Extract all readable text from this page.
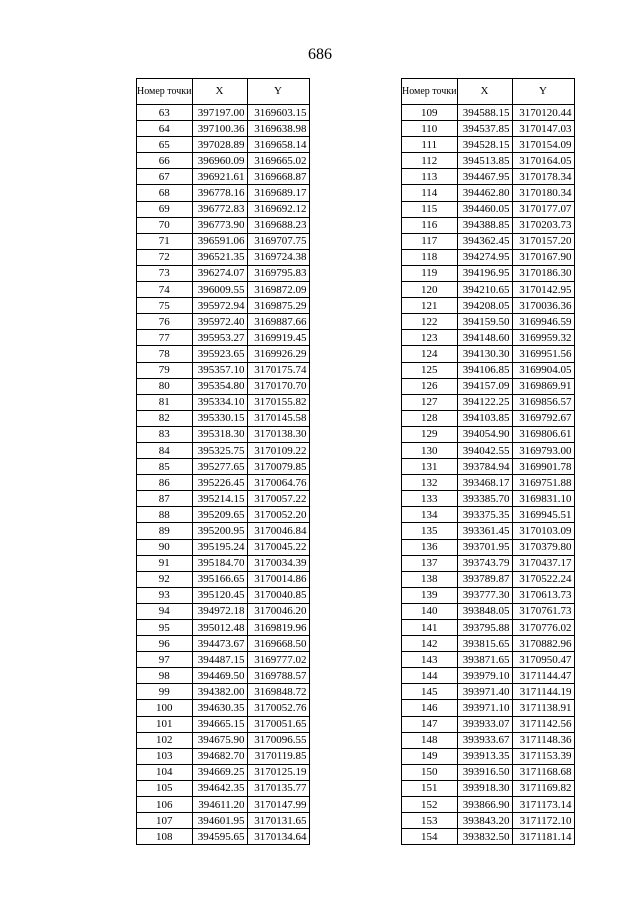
686
Номер точки	X	Y
63	397197.00	3169603.15
64	397100.36	3169638.98
65	397028.89	3169658.14
66	396960.09	3169665.02
67	396921.61	3169668.87
68	396778.16	3169689.17
69	396772.83	3169692.12
70	396773.90	3169688.23
71	396591.06	3169707.75
72	396521.35	3169724.38
73	396274.07	3169795.83
74	396009.55	3169872.09
75	395972.94	3169875.29
76	395972.40	3169887.66
77	395953.27	3169919.45
78	395923.65	3169926.29
79	395357.10	3170175.74
80	395354.80	3170170.70
81	395334.10	3170155.82
82	395330.15	3170145.58
83	395318.30	3170138.30
84	395325.75	3170109.22
85	395277.65	3170079.85
86	395226.45	3170064.76
87	395214.15	3170057.22
88	395209.65	3170052.20
89	395200.95	3170046.84
90	395195.24	3170045.22
91	395184.70	3170034.39
92	395166.65	3170014.86
93	395120.45	3170040.85
94	394972.18	3170046.20
95	395012.48	3169819.96
96	394473.67	3169668.50
97	394487.15	3169777.02
98	394469.50	3169788.57
99	394382.00	3169848.72
100	394630.35	3170052.76
101	394665.15	3170051.65
102	394675.90	3170096.55
103	394682.70	3170119.85
104	394669.25	3170125.19
105	394642.35	3170135.77
106	394611.20	3170147.99
107	394601.95	3170131.65
108	394595.65	3170134.64
Номер точки	X	Y
109	394588.15	3170120.44
110	394537.85	3170147.03
111	394528.15	3170154.09
112	394513.85	3170164.05
113	394467.95	3170178.34
114	394462.80	3170180.34
115	394460.05	3170177.07
116	394388.85	3170203.73
117	394362.45	3170157.20
118	394274.95	3170167.90
119	394196.95	3170186.30
120	394210.65	3170142.95
121	394208.05	3170036.36
122	394159.50	3169946.59
123	394148.60	3169959.32
124	394130.30	3169951.56
125	394106.85	3169904.05
126	394157.09	3169869.91
127	394122.25	3169856.57
128	394103.85	3169792.67
129	394054.90	3169806.61
130	394042.55	3169793.00
131	393784.94	3169901.78
132	393468.17	3169751.88
133	393385.70	3169831.10
134	393375.35	3169945.51
135	393361.45	3170103.09
136	393701.95	3170379.80
137	393743.79	3170437.17
138	393789.87	3170522.24
139	393777.30	3170613.73
140	393848.05	3170761.73
141	393795.88	3170776.02
142	393815.65	3170882.96
143	393871.65	3170950.47
144	393979.10	3171144.47
145	393971.40	3171144.19
146	393971.10	3171138.91
147	393933.07	3171142.56
148	393933.67	3171148.36
149	393913.35	3171153.39
150	393916.50	3171168.68
151	393918.30	3171169.82
152	393866.90	3171173.14
153	393843.20	3171172.10
154	393832.50	3171181.14
